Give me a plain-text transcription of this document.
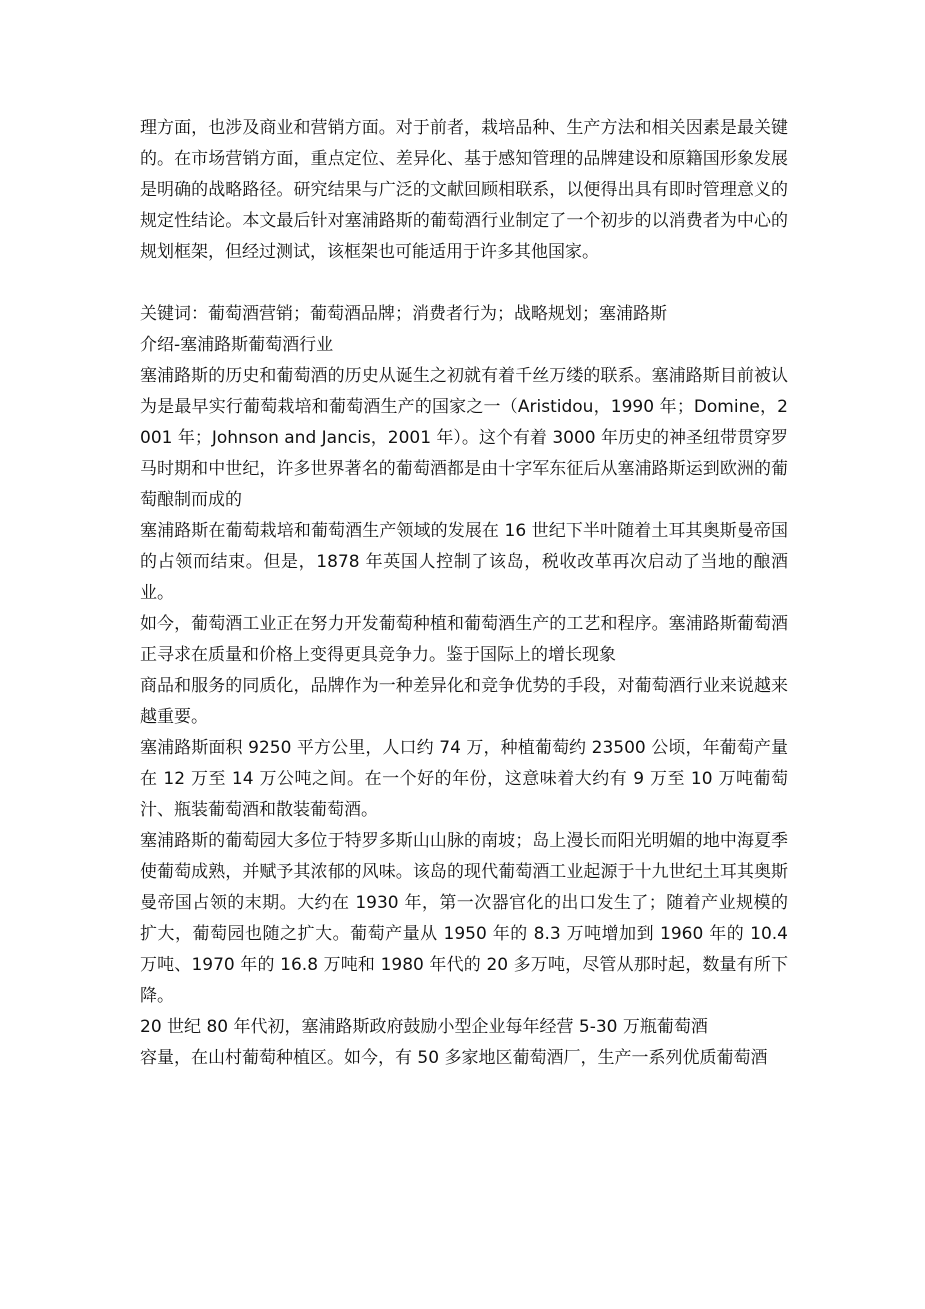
理方面，也涉及商业和营销方面。对于前者，栽培品种、生产方法和相关因素是最关键的。在市场营销方面，重点定位、差异化、基于感知管理的品牌建设和原籍国形象发展是明确的战略路径。研究结果与广泛的文献回顾相联系，以便得出具有即时管理意义的规定性结论。本文最后针对塞浦路斯的葡萄酒行业制定了一个初步的以消费者为中心的规划框架，但经过测试，该框架也可能适用于许多其他国家。

关键词：葡萄酒营销；葡萄酒品牌；消费者行为；战略规划；塞浦路斯

介绍-塞浦路斯葡萄酒行业

塞浦路斯的历史和葡萄酒的历史从诞生之初就有着千丝万缕的联系。塞浦路斯目前被认为是最早实行葡萄栽培和葡萄酒生产的国家之一（Aristidou，1990 年；Domine，2001 年；Johnson and Jancis，2001 年）。这个有着 3000 年历史的神圣纽带贯穿罗马时期和中世纪，许多世界著名的葡萄酒都是由十字军东征后从塞浦路斯运到欧洲的葡萄酿制而成的

塞浦路斯在葡萄栽培和葡萄酒生产领域的发展在 16 世纪下半叶随着土耳其奥斯曼帝国的占领而结束。但是，1878 年英国人控制了该岛，税收改革再次启动了当地的酿酒业。

如今，葡萄酒工业正在努力开发葡萄种植和葡萄酒生产的工艺和程序。塞浦路斯葡萄酒正寻求在质量和价格上变得更具竞争力。鉴于国际上的增长现象

商品和服务的同质化，品牌作为一种差异化和竞争优势的手段，对葡萄酒行业来说越来越重要。

塞浦路斯面积 9250 平方公里，人口约 74 万，种植葡萄约 23500 公顷，年葡萄产量在 12 万至 14 万公吨之间。在一个好的年份，这意味着大约有 9 万至 10 万吨葡萄汁、瓶装葡萄酒和散装葡萄酒。

塞浦路斯的葡萄园大多位于特罗多斯山山脉的南坡；岛上漫长而阳光明媚的地中海夏季使葡萄成熟，并赋予其浓郁的风味。该岛的现代葡萄酒工业起源于十九世纪土耳其奥斯曼帝国占领的末期。大约在 1930 年，第一次器官化的出口发生了；随着产业规模的扩大，葡萄园也随之扩大。葡萄产量从 1950 年的 8.3 万吨增加到 1960 年的 10.4 万吨、1970 年的 16.8 万吨和 1980 年代的 20 多万吨，尽管从那时起，数量有所下降。

20 世纪 80 年代初，塞浦路斯政府鼓励小型企业每年经营 5-30 万瓶葡萄酒

容量，在山村葡萄种植区。如今，有 50 多家地区葡萄酒厂，生产一系列优质葡萄酒
